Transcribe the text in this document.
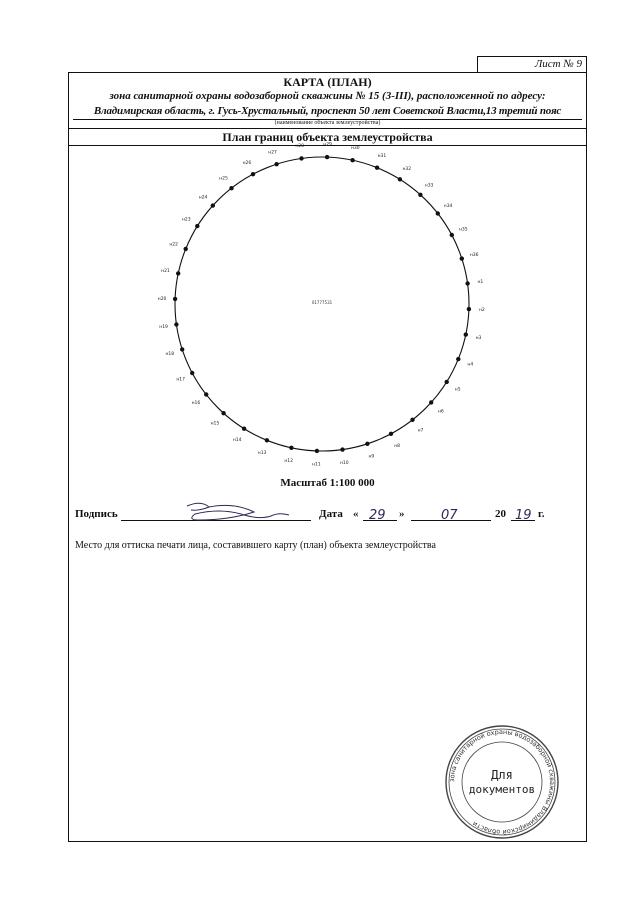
Лист № 9
КАРТА (ПЛАН)
зона санитарной охраны водозаборной скважины № 15 (3-III), расположенной по адресу:
Владимирская область, г. Гусь-Хрустальный, проспект 50 лет Советской Власти,13 третий пояс
(наименование объекта землеустройства)
План границ объекта землеустройства
01777531
н1
н2
н3
н4
н5
н6
н7
н8
н9
н10
н11
н12
н13
н14
н15
н16
н17
н18
н19
н20
н21
н22
н23
н24
н25
н26
н27
н28	н29
н30
н31
н32
н33
н34
н35
н36
Масштаб 1:100 000
Подпись	Дата « 29 »	07	20 19 г.
Место для оттиска печати лица, составившего карту (план) объекта землеустройства
зона санитарной охраны водозаборной скважины Владимирской области
Для
документов
